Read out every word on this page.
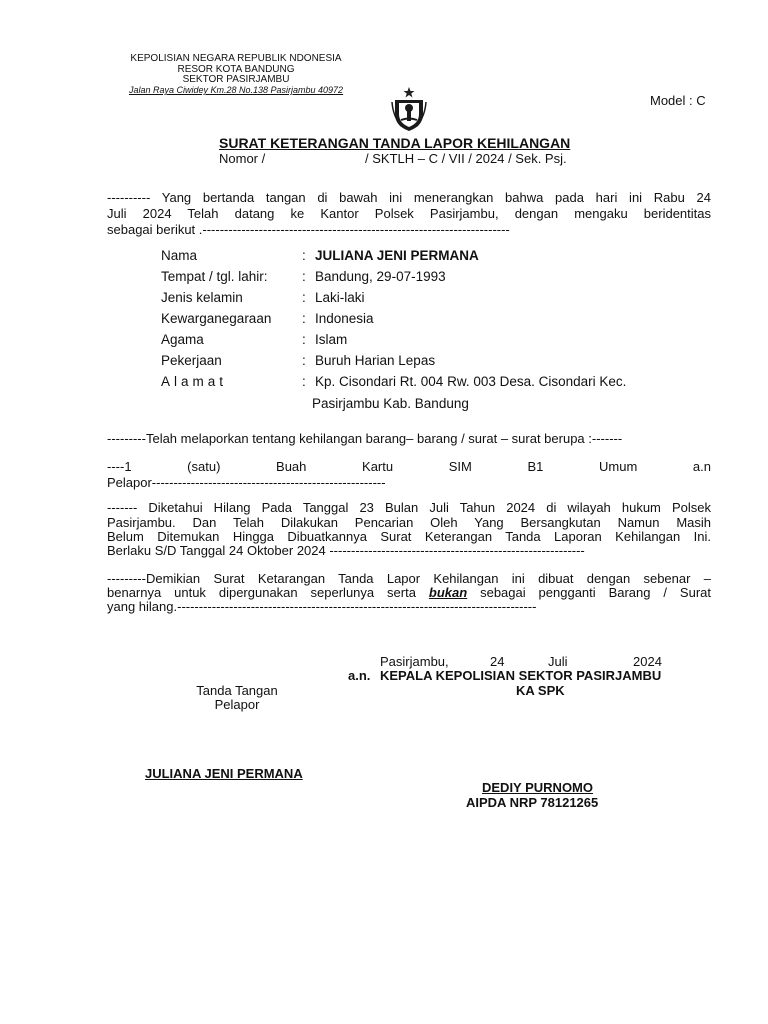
KEPOLISIAN NEGARA REPUBLIK NDONESIA
RESOR KOTA BANDUNG
SEKTOR PASIRJAMBU
Jalan Raya Ciwidey Km.28 No.138 Pasirjambu 40972
Model : C
SURAT KETERANGAN TANDA LAPOR KEHILANGAN
Nomor /	/ SKTLH – C / VII / 2024 / Sek. Psj.
---------- Yang bertanda tangan di bawah ini menerangkan bahwa pada hari ini Rabu 24
Juli 2024 Telah datang ke Kantor Polsek Pasirjambu, dengan mengaku beridentitas
sebagai berikut .-----------------------------------------------------------------------
Nama	: JULIANA JENI PERMANA
Tempat / tgl. lahir:	: Bandung, 29-07-1993
Jenis kelamin	: Laki-laki
Kewarganegaraan : Indonesia
Agama	: Islam
Pekerjaan	: Buruh Harian Lepas
Alamat	: Kp. Cisondari Rt. 004 Rw. 003 Desa. Cisondari Kec.
Pasirjambu Kab. Bandung
---------Telah melaporkan tentang kehilangan barang– barang / surat – surat berupa :-------
----1	(satu)	Buah	Kartu	SIM	B1	Umum	a.n
Pelapor------------------------------------------------------
------- Diketahui Hilang Pada Tanggal 23 Bulan Juli Tahun 2024 di wilayah hukum Polsek
Pasirjambu. Dan Telah Dilakukan Pencarian Oleh Yang Bersangkutan Namun Masih
Belum Ditemukan Hingga Dibuatkannya Surat Keterangan Tanda Laporan Kehilangan Ini.
Berlaku S/D Tanggal 24 Oktober 2024 -----------------------------------------------------------
---------Demikian Surat Ketarangan Tanda Lapor Kehilangan ini dibuat dengan sebenar –
benarnya untuk dipergunakan seperlunya serta bukan sebagai pengganti Barang / Surat
yang hilang.-----------------------------------------------------------------------------------
Pasirjambu,	24	Juli	2024
a.n. KEPALA KEPOLISIAN SEKTOR PASIRJAMBU
KA SPK
Tanda Tangan
Pelapor
JULIANA JENI PERMANA
DEDIY PURNOMO
AIPDA NRP 78121265
